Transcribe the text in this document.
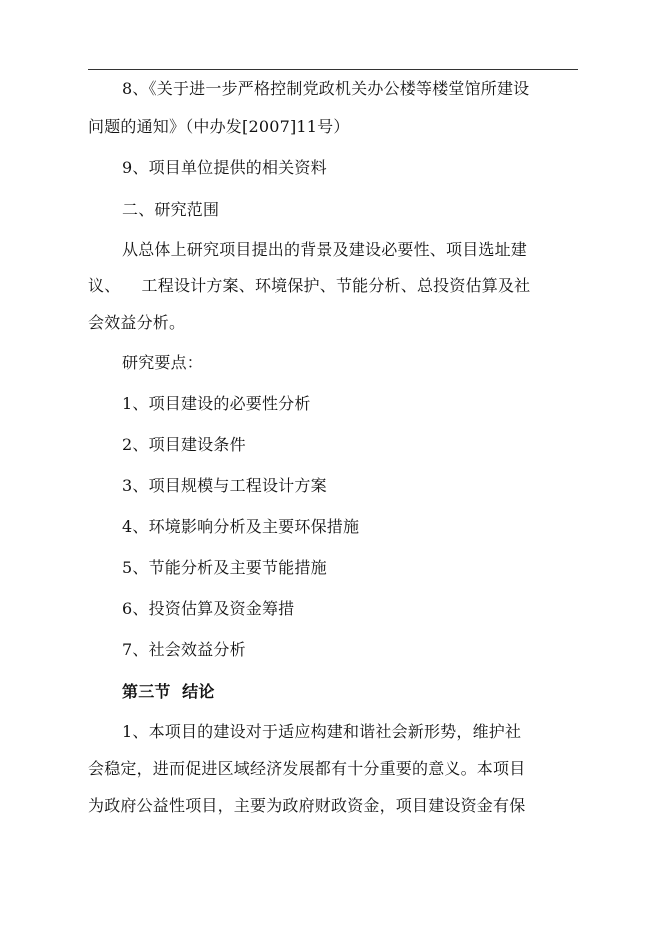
8、《关于进一步严格控制党政机关办公楼等楼堂馆所建设
问题的通知》（中办发[2007]11号）
9、项目单位提供的相关资料
二、研究范围
从总体上研究项目提出的背景及建设必要性、项目选址建
议、    工程设计方案、环境保护、节能分析、总投资估算及社
会效益分析。
研究要点：
1、项目建设的必要性分析
2、项目建设条件
3、项目规模与工程设计方案
4、环境影响分析及主要环保措施
5、节能分析及主要节能措施
6、投资估算及资金筹措
7、社会效益分析
第三节  结论
1、本项目的建设对于适应构建和谐社会新形势，维护社
会稳定，进而促进区域经济发展都有十分重要的意义。本项目
为政府公益性项目，主要为政府财政资金，项目建设资金有保
